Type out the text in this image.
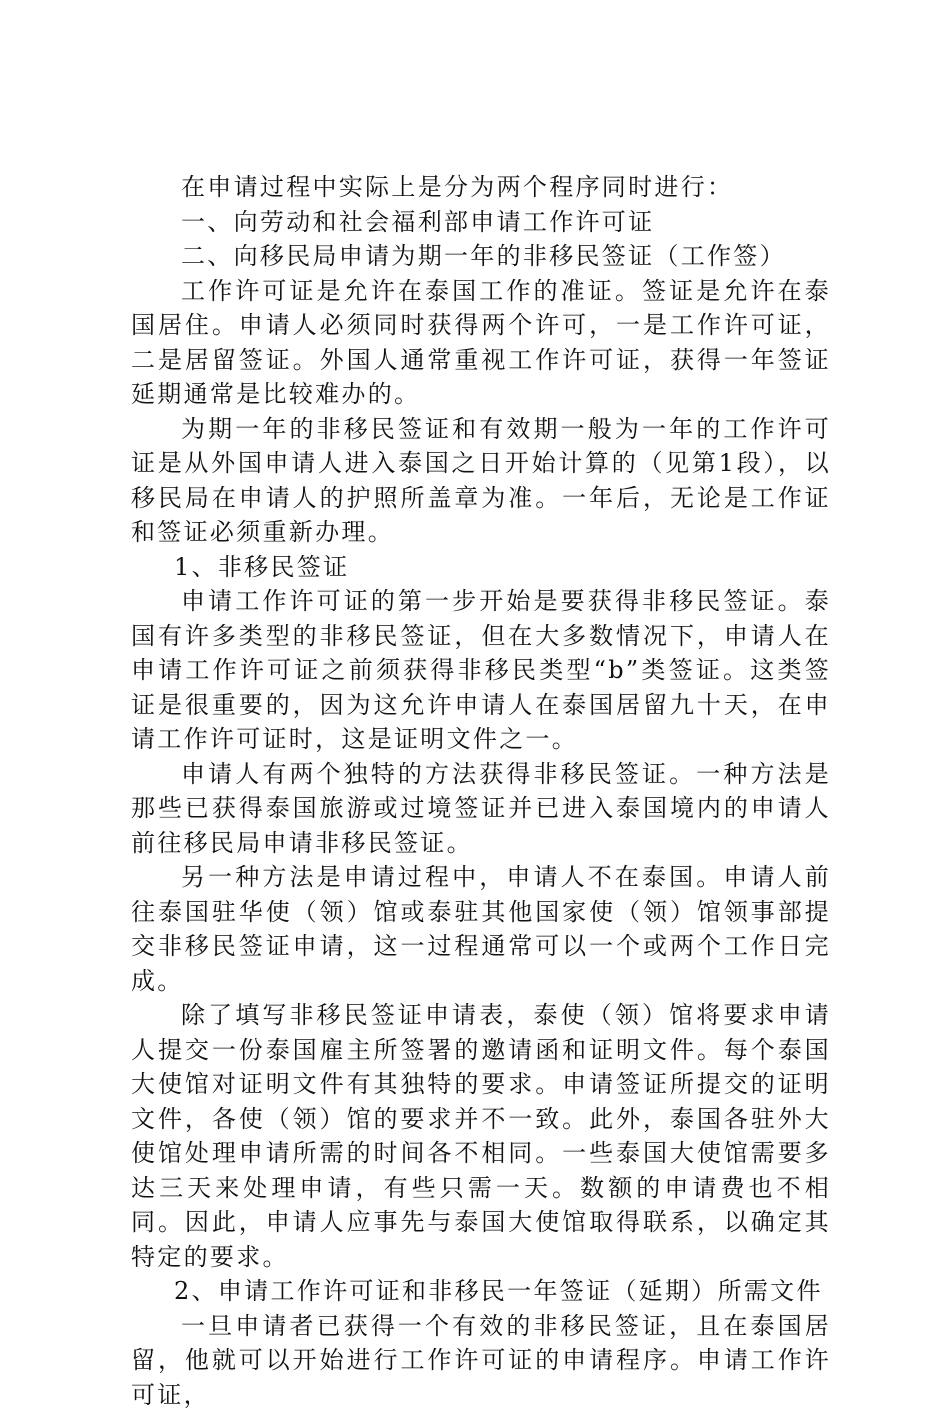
在申请过程中实际上是分为两个程序同时进行：

一、向劳动和社会福利部申请工作许可证

二、向移民局申请为期一年的非移民签证（工作签）

工作许可证是允许在泰国工作的准证。签证是允许在泰国居住。申请人必须同时获得两个许可，一是工作许可证，二是居留签证。外国人通常重视工作许可证，获得一年签证延期通常是比较难办的。

为期一年的非移民签证和有效期一般为一年的工作许可证是从外国申请人进入泰国之日开始计算的（见第1段），以移民局在申请人的护照所盖章为准。一年后，无论是工作证和签证必须重新办理。

1、非移民签证

申请工作许可证的第一步开始是要获得非移民签证。泰国有许多类型的非移民签证，但在大多数情况下，申请人在申请工作许可证之前须获得非移民类型“b”类签证。这类签证是很重要的，因为这允许申请人在泰国居留九十天，在申请工作许可证时，这是证明文件之一。

申请人有两个独特的方法获得非移民签证。一种方法是那些已获得泰国旅游或过境签证并已进入泰国境内的申请人前往移民局申请非移民签证。

另一种方法是申请过程中，申请人不在泰国。申请人前往泰国驻华使（领）馆或泰驻其他国家使（领）馆领事部提交非移民签证申请，这一过程通常可以一个或两个工作日完成。

除了填写非移民签证申请表，泰使（领）馆将要求申请人提交一份泰国雇主所签署的邀请函和证明文件。每个泰国大使馆对证明文件有其独特的要求。申请签证所提交的证明文件，各使（领）馆的要求并不一致。此外，泰国各驻外大使馆处理申请所需的时间各不相同。一些泰国大使馆需要多达三天来处理申请，有些只需一天。数额的申请费也不相同。因此，申请人应事先与泰国大使馆取得联系，以确定其特定的要求。

2、申请工作许可证和非移民一年签证（延期）所需文件

一旦申请者已获得一个有效的非移民签证，且在泰国居留，他就可以开始进行工作许可证的申请程序。申请工作许可证，
